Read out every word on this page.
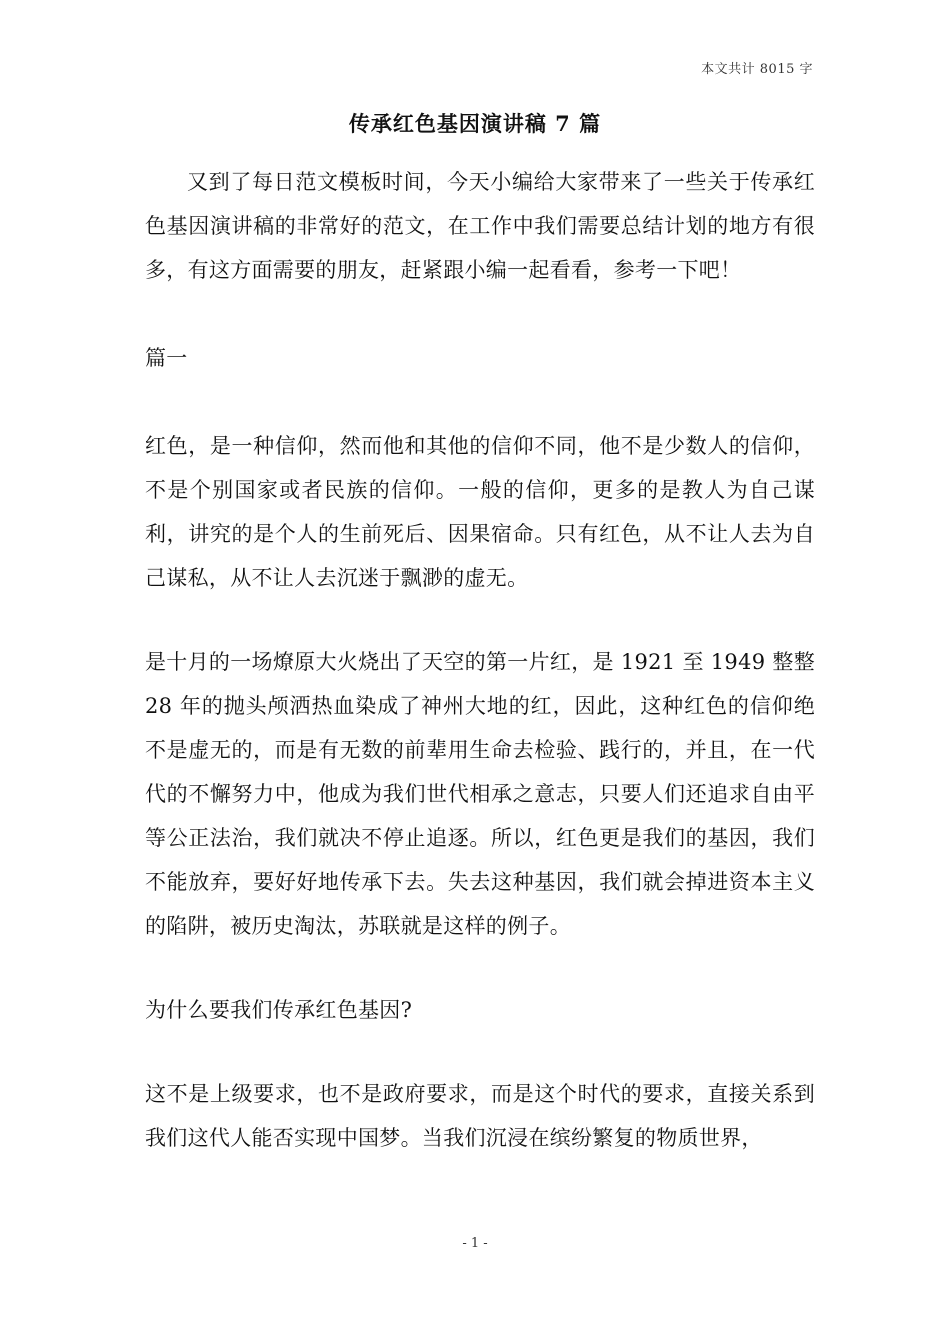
本文共计 8015 字
传承红色基因演讲稿 7 篇

又到了每日范文模板时间，今天小编给大家带来了一些关于传承红色基因演讲稿的非常好的范文，在工作中我们需要总结计划的地方有很多，有这方面需要的朋友，赶紧跟小编一起看看，参考一下吧！

篇一

红色，是一种信仰，然而他和其他的信仰不同，他不是少数人的信仰，不是个别国家或者民族的信仰。一般的信仰，更多的是教人为自己谋利，讲究的是个人的生前死后、因果宿命。只有红色，从不让人去为自己谋私，从不让人去沉迷于飘渺的虚无。

是十月的一场燎原大火烧出了天空的第一片红，是 1921 至 1949 整整 28 年的抛头颅洒热血染成了神州大地的红，因此，这种红色的信仰绝不是虚无的，而是有无数的前辈用生命去检验、践行的，并且，在一代代的不懈努力中，他成为我们世代相承之意志，只要人们还追求自由平等公正法治，我们就决不停止追逐。所以，红色更是我们的基因，我们不能放弃，要好好地传承下去。失去这种基因，我们就会掉进资本主义的陷阱，被历史淘汰，苏联就是这样的例子。

为什么要我们传承红色基因?

这不是上级要求，也不是政府要求，而是这个时代的要求，直接关系到我们这代人能否实现中国梦。当我们沉浸在缤纷繁复的物质世界，

- 1 -
